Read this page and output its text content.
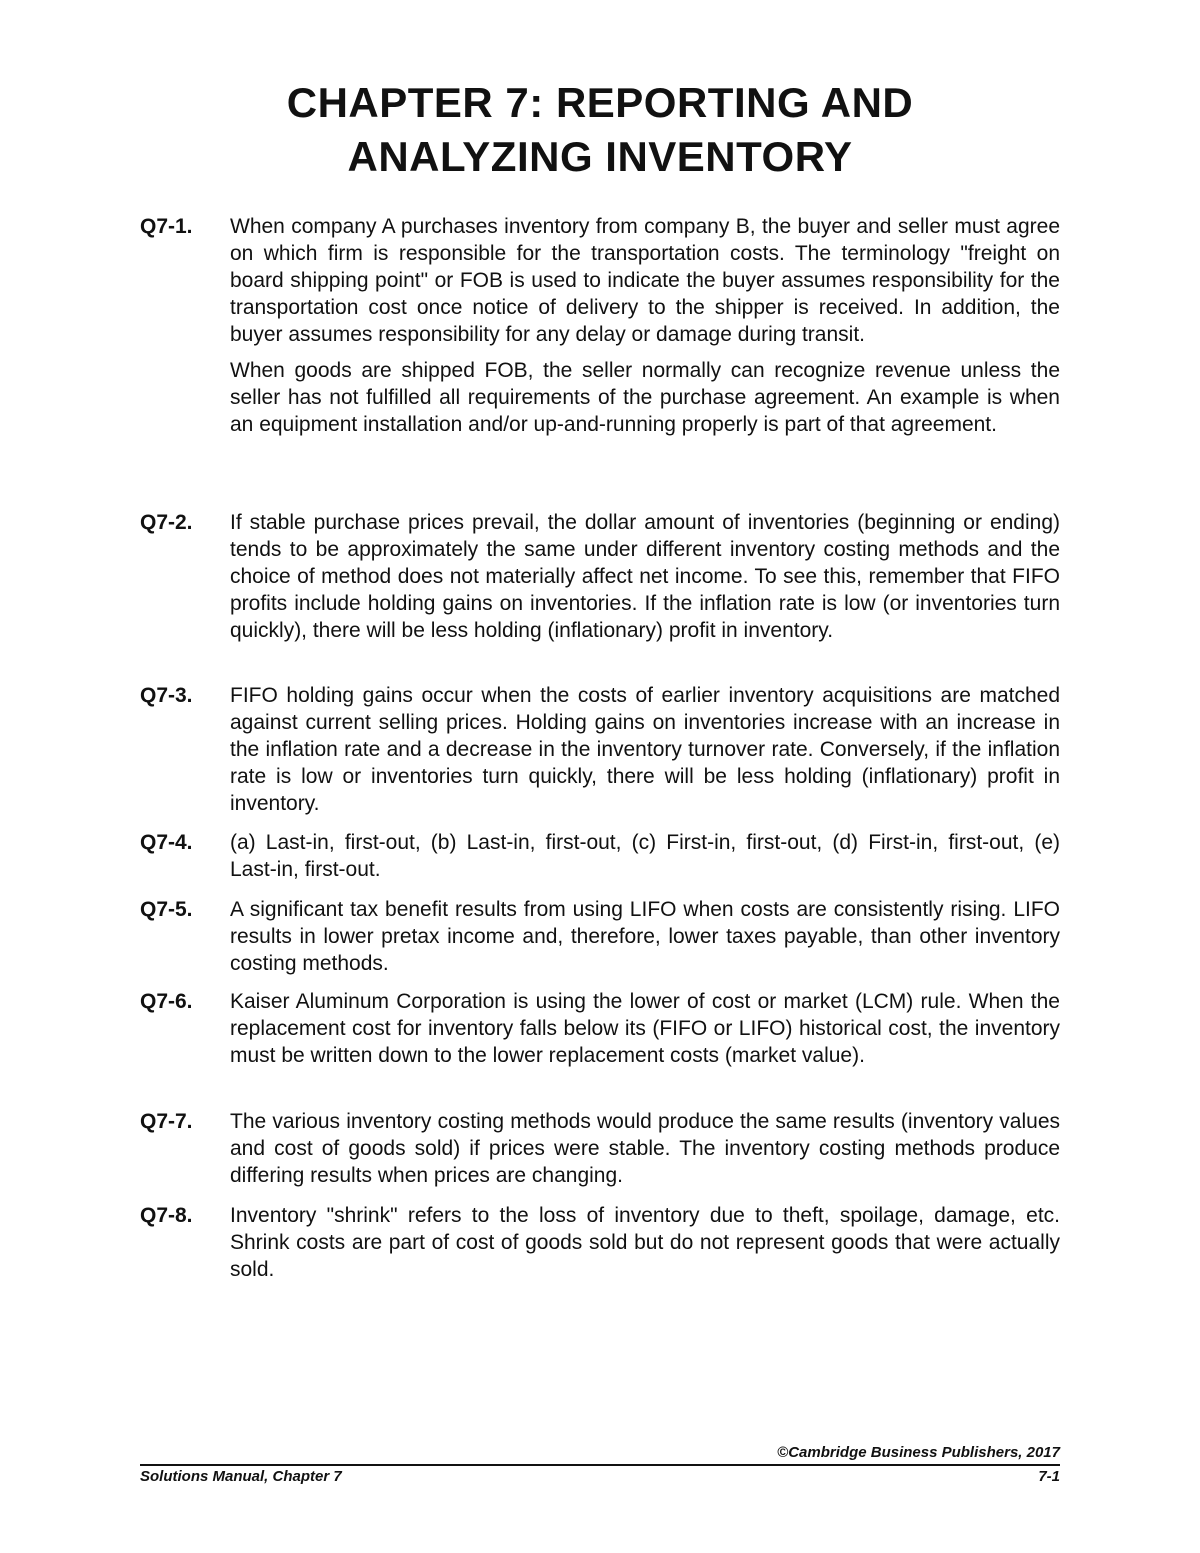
CHAPTER 7: REPORTING AND
ANALYZING INVENTORY
Q7-1. When company A purchases inventory from company B, the buyer and seller must agree on which firm is responsible for the transportation costs. The terminology "freight on board shipping point" or FOB is used to indicate the buyer assumes responsibility for the transportation cost once notice of delivery to the shipper is received. In addition, the buyer assumes responsibility for any delay or damage during transit.

When goods are shipped FOB, the seller normally can recognize revenue unless the seller has not fulfilled all requirements of the purchase agreement. An example is when an equipment installation and/or up-and-running properly is part of that agreement.

Q7-2. If stable purchase prices prevail, the dollar amount of inventories (beginning or ending) tends to be approximately the same under different inventory costing methods and the choice of method does not materially affect net income. To see this, remember that FIFO profits include holding gains on inventories. If the inflation rate is low (or inventories turn quickly), there will be less holding (inflationary) profit in inventory.

Q7-3. FIFO holding gains occur when the costs of earlier inventory acquisitions are matched against current selling prices. Holding gains on inventories increase with an increase in the inflation rate and a decrease in the inventory turnover rate. Conversely, if the inflation rate is low or inventories turn quickly, there will be less holding (inflationary) profit in inventory.

Q7-4. (a) Last-in, first-out, (b) Last-in, first-out, (c) First-in, first-out, (d) First-in, first-out, (e) Last-in, first-out.

Q7-5. A significant tax benefit results from using LIFO when costs are consistently rising. LIFO results in lower pretax income and, therefore, lower taxes payable, than other inventory costing methods.

Q7-6. Kaiser Aluminum Corporation is using the lower of cost or market (LCM) rule. When the replacement cost for inventory falls below its (FIFO or LIFO) historical cost, the inventory must be written down to the lower replacement costs (market value).

Q7-7. The various inventory costing methods would produce the same results (inventory values and cost of goods sold) if prices were stable. The inventory costing methods produce differing results when prices are changing.

Q7-8. Inventory "shrink" refers to the loss of inventory due to theft, spoilage, damage, etc. Shrink costs are part of cost of goods sold but do not represent goods that were actually sold.

©Cambridge Business Publishers, 2017
Solutions Manual, Chapter 7	7-1
